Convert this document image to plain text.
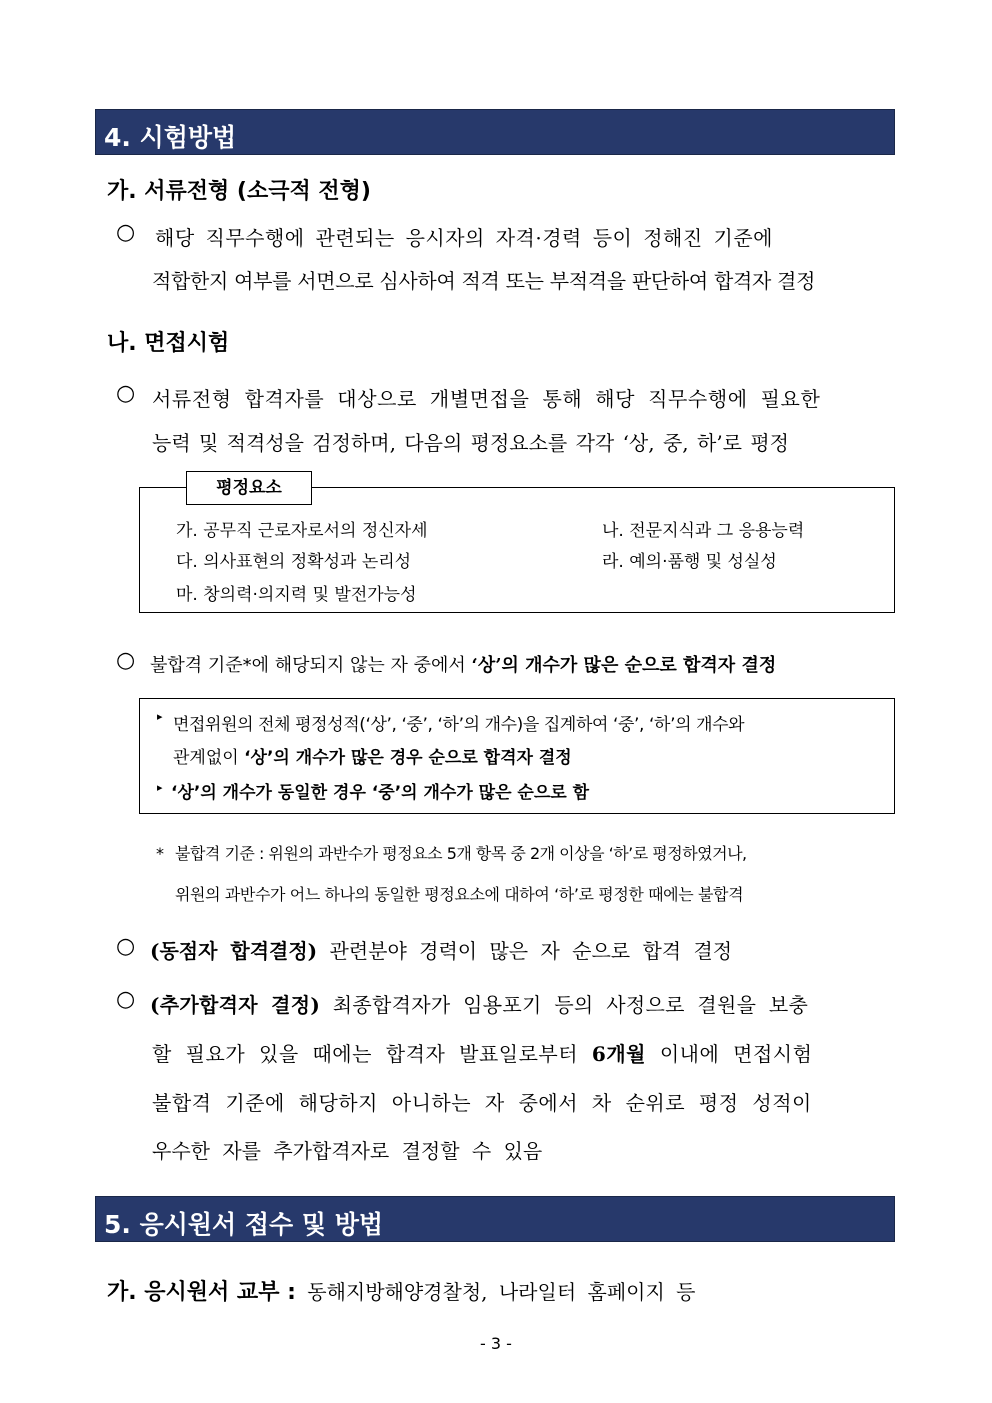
4. 시험방법
가. 서류전형 (소극적 전형)
○ 해당 직무수행에 관련되는 응시자의 자격·경력 등이 정해진 기준에
적합한지 여부를 서면으로 심사하여 적격 또는 부적격을 판단하여 합격자 결정
나. 면접시험
○ 서류전형 합격자를 대상으로 개별면접을 통해 해당 직무수행에 필요한
능력 및 적격성을 검정하며, 다음의 평정요소를 각각 ‘상, 중, 하’로 평정
평정요소
가. 공무직 근로자로서의 정신자세	나. 전문지식과 그 응용능력
다. 의사표현의 정확성과 논리성	라. 예의·품행 및 성실성
마. 창의력·의지력 및 발전가능성
○ 불합격 기준*에 해당되지 않는 자 중에서 ‘상’의 개수가 많은 순으로 합격자 결정
▸ 면접위원의 전체 평정성적(‘상’, ‘중’, ‘하’의 개수)을 집계하여 ‘중’, ‘하’의 개수와
관계없이 ‘상’의 개수가 많은 경우 순으로 합격자 결정
▸ ‘상’의 개수가 동일한 경우 ‘중’의 개수가 많은 순으로 함
* 불합격 기준 : 위원의 과반수가 평정요소 5개 항목 중 2개 이상을 ‘하’로 평정하였거나,
위원의 과반수가 어느 하나의 동일한 평정요소에 대하여 ‘하’로 평정한 때에는 불합격
○ (동점자 합격결정) 관련분야 경력이 많은 자 순으로 합격 결정
○ (추가합격자 결정) 최종합격자가 임용포기 등의 사정으로 결원을 보충
할 필요가 있을 때에는 합격자 발표일로부터 6개월 이내에 면접시험
불합격 기준에 해당하지 아니하는 자 중에서 차 순위로 평정 성적이
우수한 자를 추가합격자로 결정할 수 있음
5. 응시원서 접수 및 방법
가. 응시원서 교부 : 동해지방해양경찰청, 나라일터 홈페이지 등
- 3 -
